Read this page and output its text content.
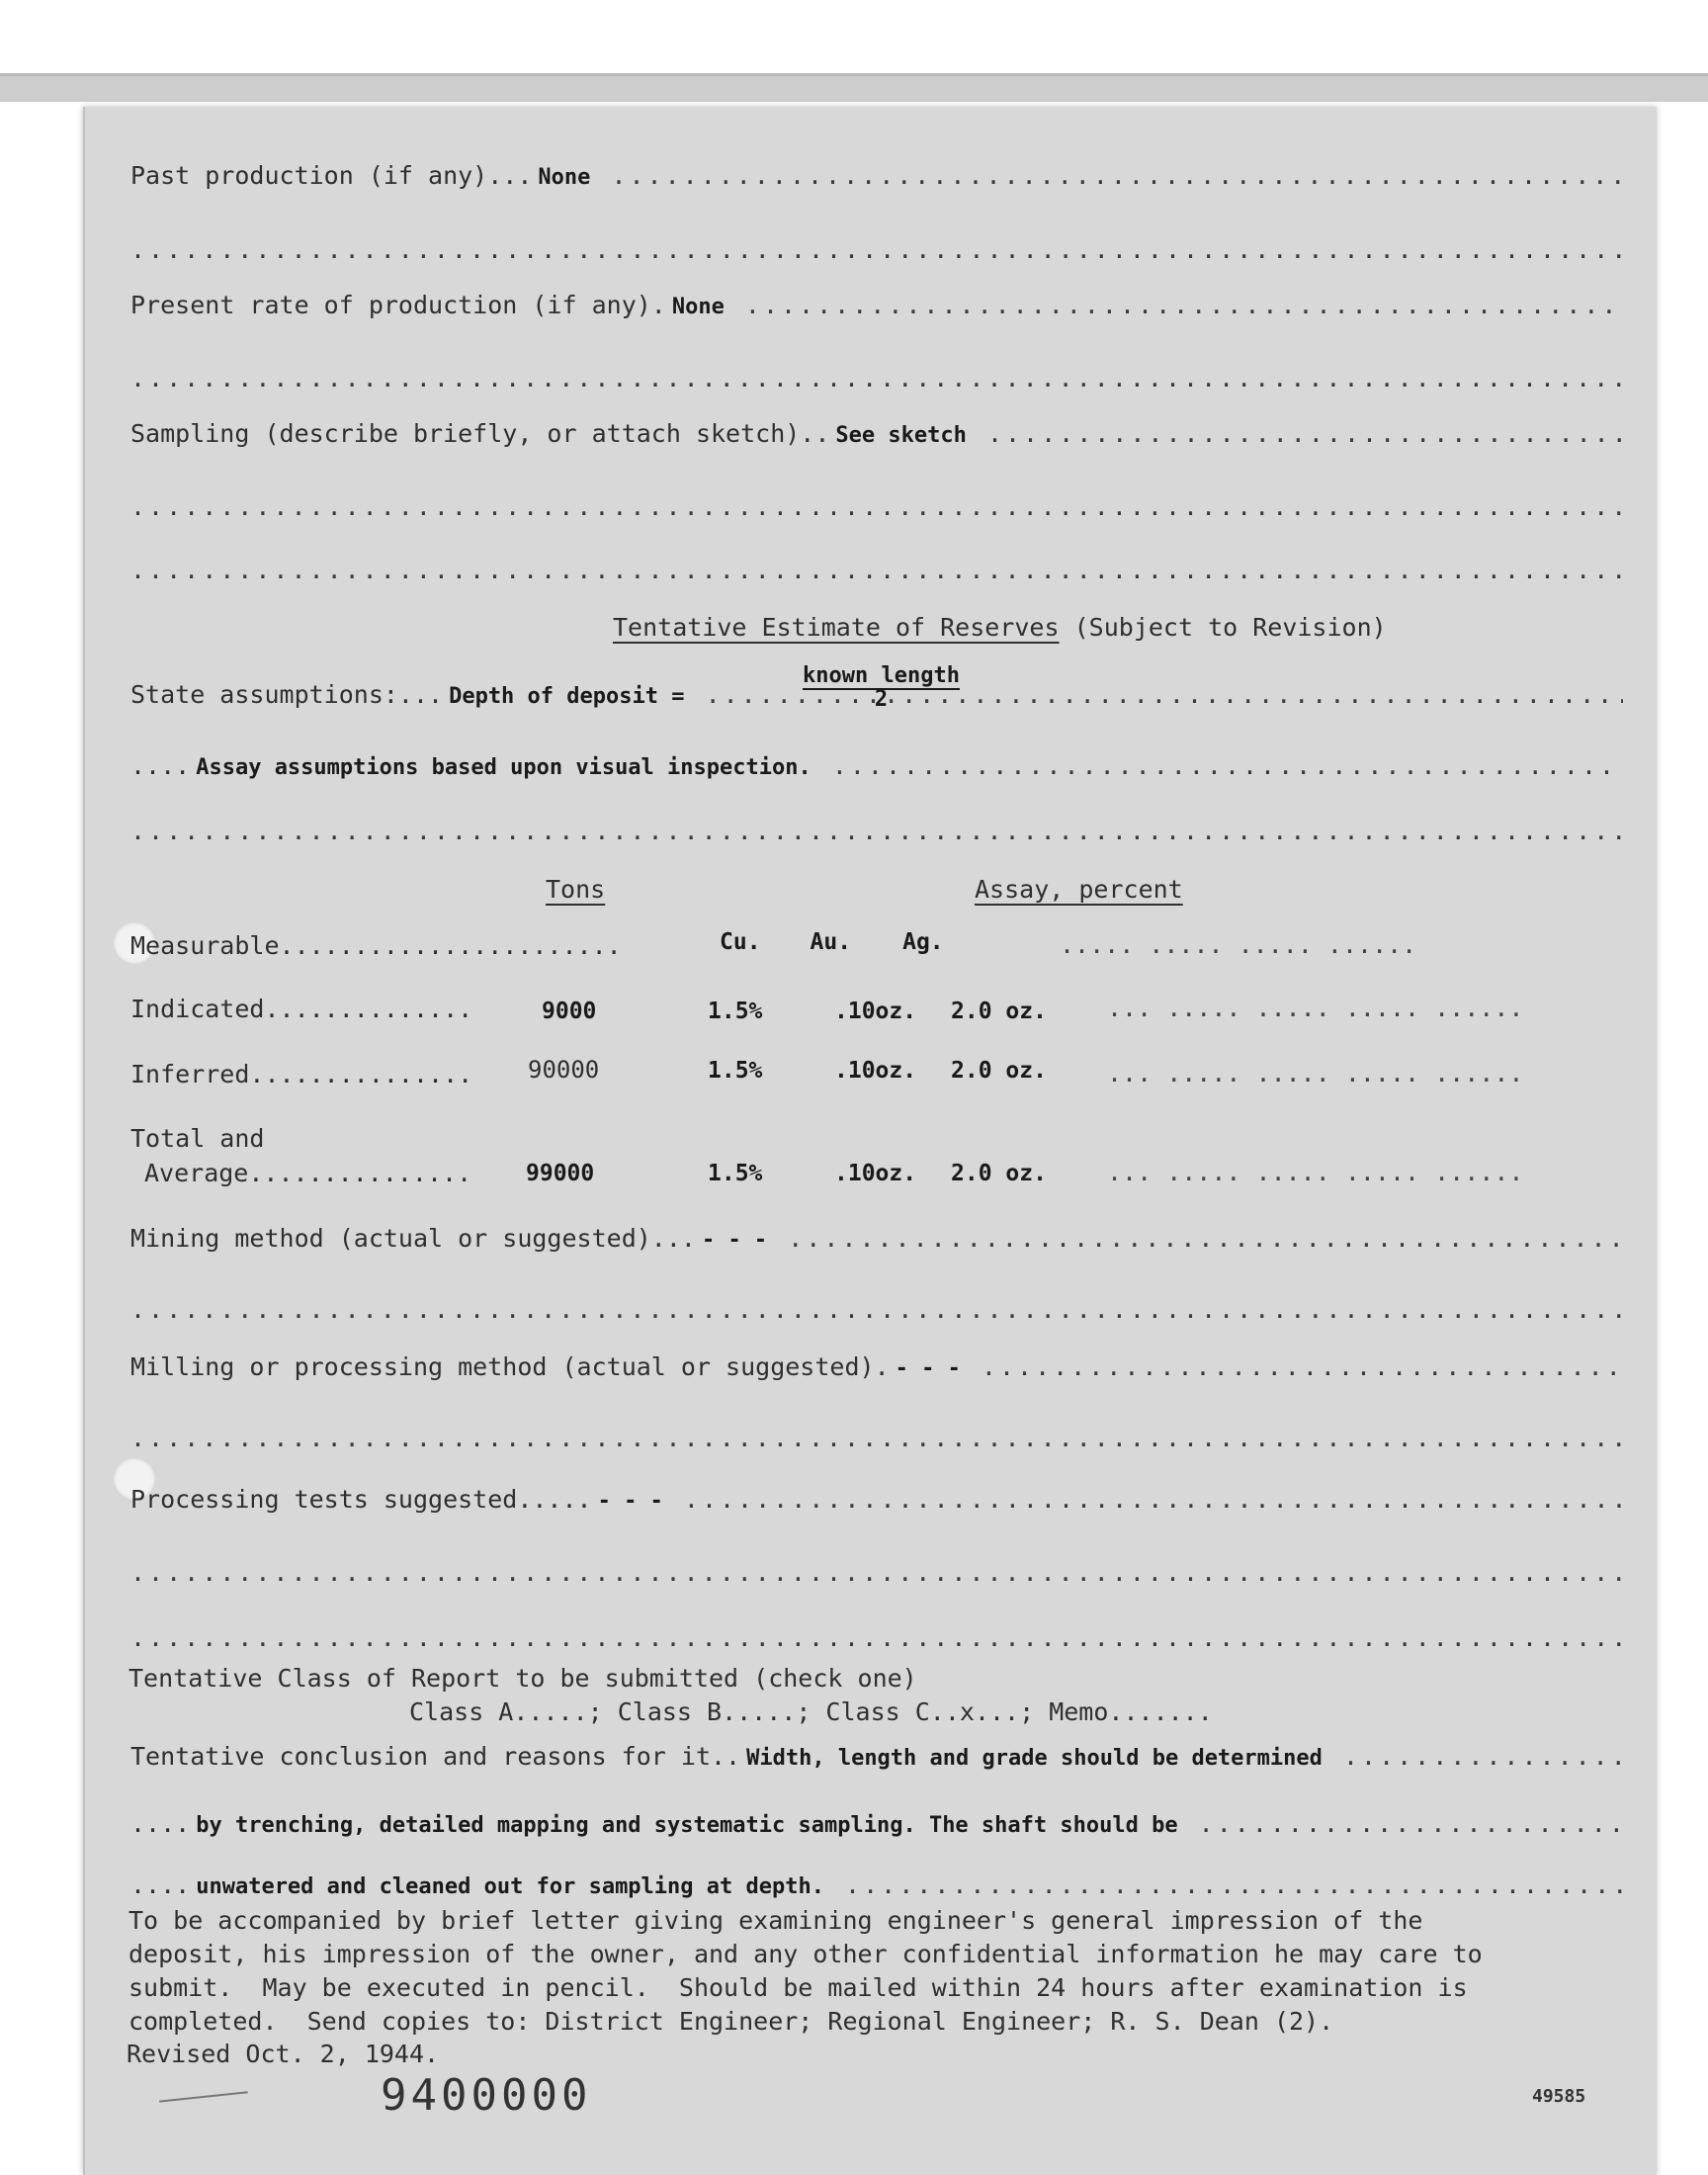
Past production (if any)... None .....
.....
Present rate of production (if any). None .....
.....
Sampling (describe briefly, or attach sketch).. See sketch .....
.....
.....
Tentative Estimate of Reserves (Subject to Revision)
State assumptions:... Depth of deposit = .....
known length
2
.... Assay assumptions based upon visual inspection. .....
.....
Tons	Assay, percent
Measurable.......................	Cu. Au. Ag.	..... ..... ..... ......
Indicated..............	9000	1.5%	.10oz. 2.0 oz. ... ..... ..... ..... ......
Inferred...............	90000	1.5%	.10oz. 2.0 oz. ... ..... ..... ..... ......
Total and
Average...............	99000	1.5%	.10oz. 2.0 oz. ... ..... ..... ..... ......
Mining method (actual or suggested)... - - - .....
.....
Milling or processing method (actual or suggested). - - - .....
.....
Processing tests suggested..... - - - .....
.....
.....
Tentative Class of Report to be submitted (check one)
Class A.....; Class B.....; Class C..x...; Memo.......
Tentative conclusion and reasons for it.. Width, length and grade should be determined .....
.... by trenching, detailed mapping and systematic sampling. The shaft should be .....
.... unwatered and cleaned out for sampling at depth. .....
To be accompanied by brief letter giving examining engineer's general impression of the
deposit, his impression of the owner, and any other confidential information he may care to
submit.  May be executed in pencil.  Should be mailed within 24 hours after examination is
completed.  Send copies to: District Engineer; Regional Engineer; R. S. Dean (2).
Revised Oct. 2, 1944.
9400000	49585
